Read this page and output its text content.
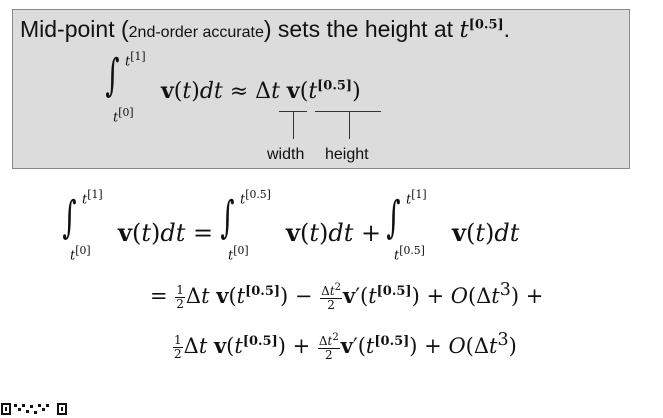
Mid-point (2nd-order accurate) sets the height at t[0.5].
∫ t[1]
t[0]
v(t)dt ≈ Δt v(t[0.5])
width height
∫ t[1]
t[0]
v(t)dt = ∫ t[0.5]
t[0]
v(t)dt + ∫ t[1]
t[0.5]
v(t)dt
= $\frac{1}{2}$ Δt $v(t[0.5]) - \frac{\Delta t^2}{2} v'(t[0.5]) + O(\Delta t^3)$ +
$\frac{1}{2}$ Δt $v(t[0.5]) + \frac{\Delta t^2}{2} v'(t[0.5]) + O(\Delta t^3)$
